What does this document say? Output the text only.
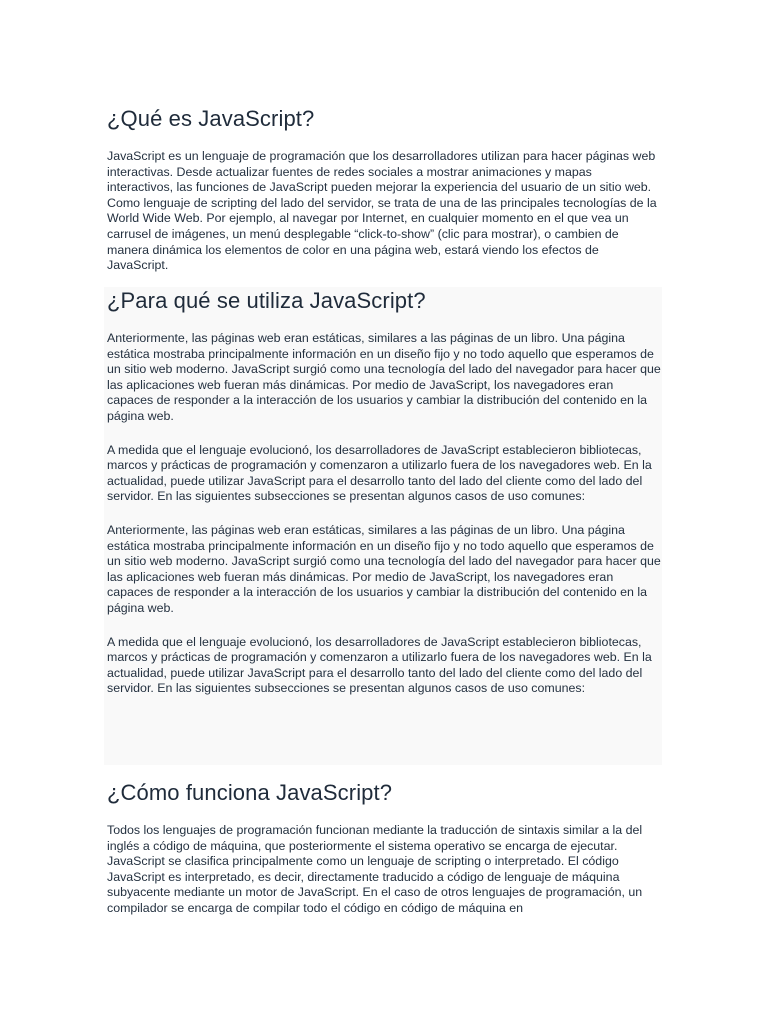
¿Qué es JavaScript?

JavaScript es un lenguaje de programación que los desarrolladores utilizan para hacer páginas web interactivas. Desde actualizar fuentes de redes sociales a mostrar animaciones y mapas interactivos, las funciones de JavaScript pueden mejorar la experiencia del usuario de un sitio web. Como lenguaje de scripting del lado del servidor, se trata de una de las principales tecnologías de la World Wide Web. Por ejemplo, al navegar por Internet, en cualquier momento en el que vea un carrusel de imágenes, un menú desplegable “click-to-show” (clic para mostrar), o cambien de manera dinámica los elementos de color en una página web, estará viendo los efectos de JavaScript.

¿Para qué se utiliza JavaScript?

Anteriormente, las páginas web eran estáticas, similares a las páginas de un libro. Una página estática mostraba principalmente información en un diseño fijo y no todo aquello que esperamos de un sitio web moderno. JavaScript surgió como una tecnología del lado del navegador para hacer que las aplicaciones web fueran más dinámicas. Por medio de JavaScript, los navegadores eran capaces de responder a la interacción de los usuarios y cambiar la distribución del contenido en la página web.

A medida que el lenguaje evolucionó, los desarrolladores de JavaScript establecieron bibliotecas, marcos y prácticas de programación y comenzaron a utilizarlo fuera de los navegadores web. En la actualidad, puede utilizar JavaScript para el desarrollo tanto del lado del cliente como del lado del servidor. En las siguientes subsecciones se presentan algunos casos de uso comunes:

Anteriormente, las páginas web eran estáticas, similares a las páginas de un libro. Una página estática mostraba principalmente información en un diseño fijo y no todo aquello que esperamos de un sitio web moderno. JavaScript surgió como una tecnología del lado del navegador para hacer que las aplicaciones web fueran más dinámicas. Por medio de JavaScript, los navegadores eran capaces de responder a la interacción de los usuarios y cambiar la distribución del contenido en la página web.

A medida que el lenguaje evolucionó, los desarrolladores de JavaScript establecieron bibliotecas, marcos y prácticas de programación y comenzaron a utilizarlo fuera de los navegadores web. En la actualidad, puede utilizar JavaScript para el desarrollo tanto del lado del cliente como del lado del servidor. En las siguientes subsecciones se presentan algunos casos de uso comunes:

¿Cómo funciona JavaScript?

Todos los lenguajes de programación funcionan mediante la traducción de sintaxis similar a la del inglés a código de máquina, que posteriormente el sistema operativo se encarga de ejecutar. JavaScript se clasifica principalmente como un lenguaje de scripting o interpretado. El código JavaScript es interpretado, es decir, directamente traducido a código de lenguaje de máquina subyacente mediante un motor de JavaScript. En el caso de otros lenguajes de programación, un compilador se encarga de compilar todo el código en código de máquina en
